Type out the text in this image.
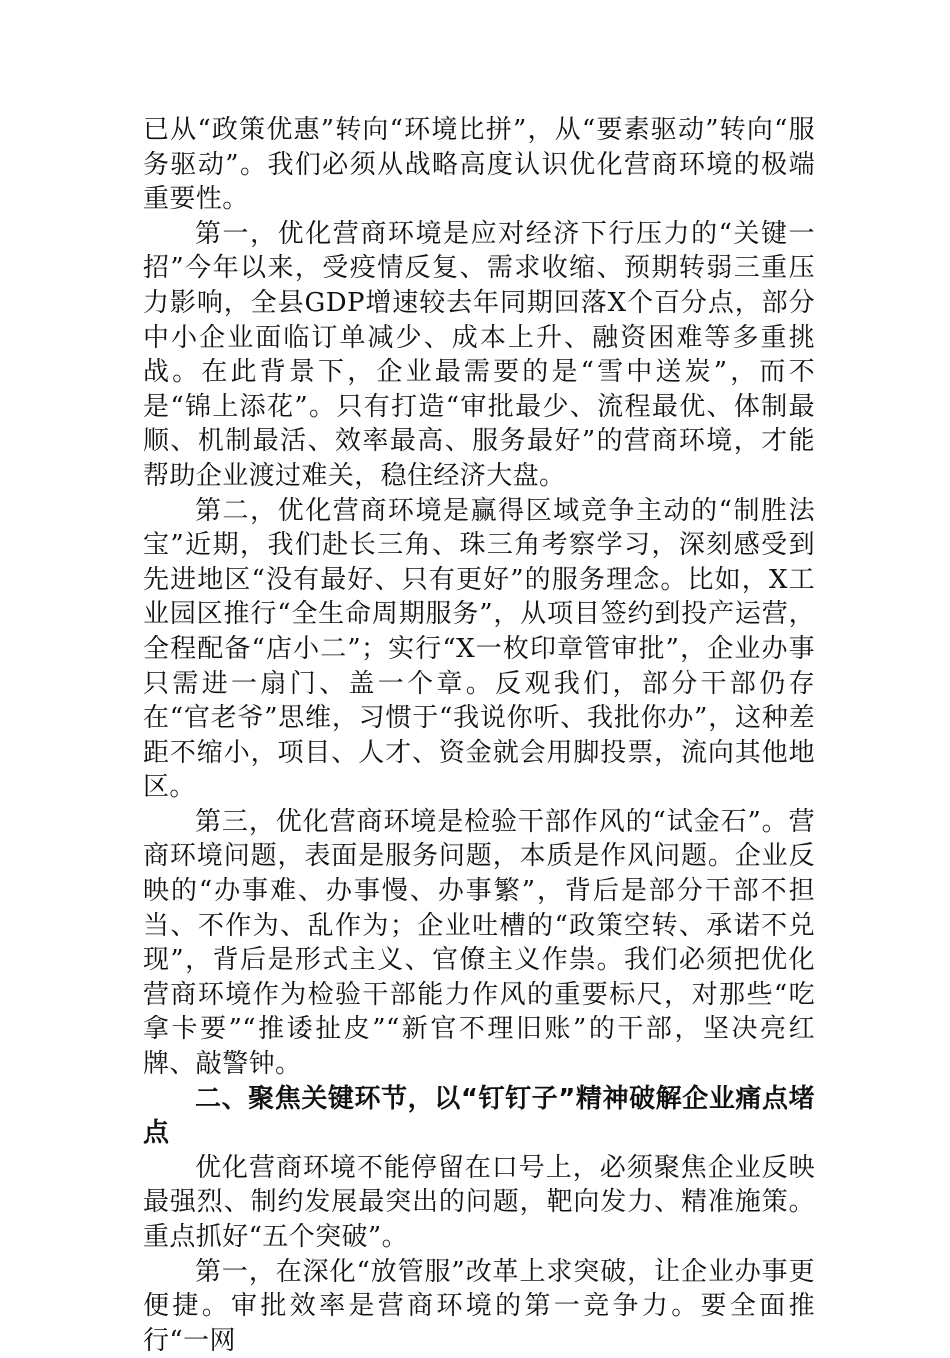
已从“政策优惠”转向“环境比拼”，从“要素驱动”转向“服务驱动”。我们必须从战略高度认识优化营商环境的极端重要性。

第一，优化营商环境是应对经济下行压力的“关键一招”今年以来，受疫情反复、需求收缩、预期转弱三重压力影响，全县GDP增速较去年同期回落X个百分点，部分中小企业面临订单减少、成本上升、融资困难等多重挑战。在此背景下，企业最需要的是“雪中送炭”，而不是“锦上添花”。只有打造“审批最少、流程最优、体制最顺、机制最活、效率最高、服务最好”的营商环境，才能帮助企业渡过难关，稳住经济大盘。

第二，优化营商环境是赢得区域竞争主动的“制胜法宝”近期，我们赴长三角、珠三角考察学习，深刻感受到先进地区“没有最好、只有更好”的服务理念。比如，X工业园区推行“全生命周期服务”，从项目签约到投产运营，全程配备“店小二”；实行“X一枚印章管审批”，企业办事只需进一扇门、盖一个章。反观我们，部分干部仍存在“官老爷”思维，习惯于“我说你听、我批你办”，这种差距不缩小，项目、人才、资金就会用脚投票，流向其他地区。

第三，优化营商环境是检验干部作风的“试金石”。营商环境问题，表面是服务问题，本质是作风问题。企业反映的“办事难、办事慢、办事繁”，背后是部分干部不担当、不作为、乱作为；企业吐槽的“政策空转、承诺不兑现”，背后是形式主义、官僚主义作祟。我们必须把优化营商环境作为检验干部能力作风的重要标尺，对那些“吃拿卡要”“推诿扯皮”“新官不理旧账”的干部，坚决亮红牌、敲警钟。

二、聚焦关键环节，以“钉钉子”精神破解企业痛点堵点

优化营商环境不能停留在口号上，必须聚焦企业反映最强烈、制约发展最突出的问题，靶向发力、精准施策。重点抓好“五个突破”。

第一，在深化“放管服”改革上求突破，让企业办事更便捷。审批效率是营商环境的第一竞争力。要全面推行“一网
